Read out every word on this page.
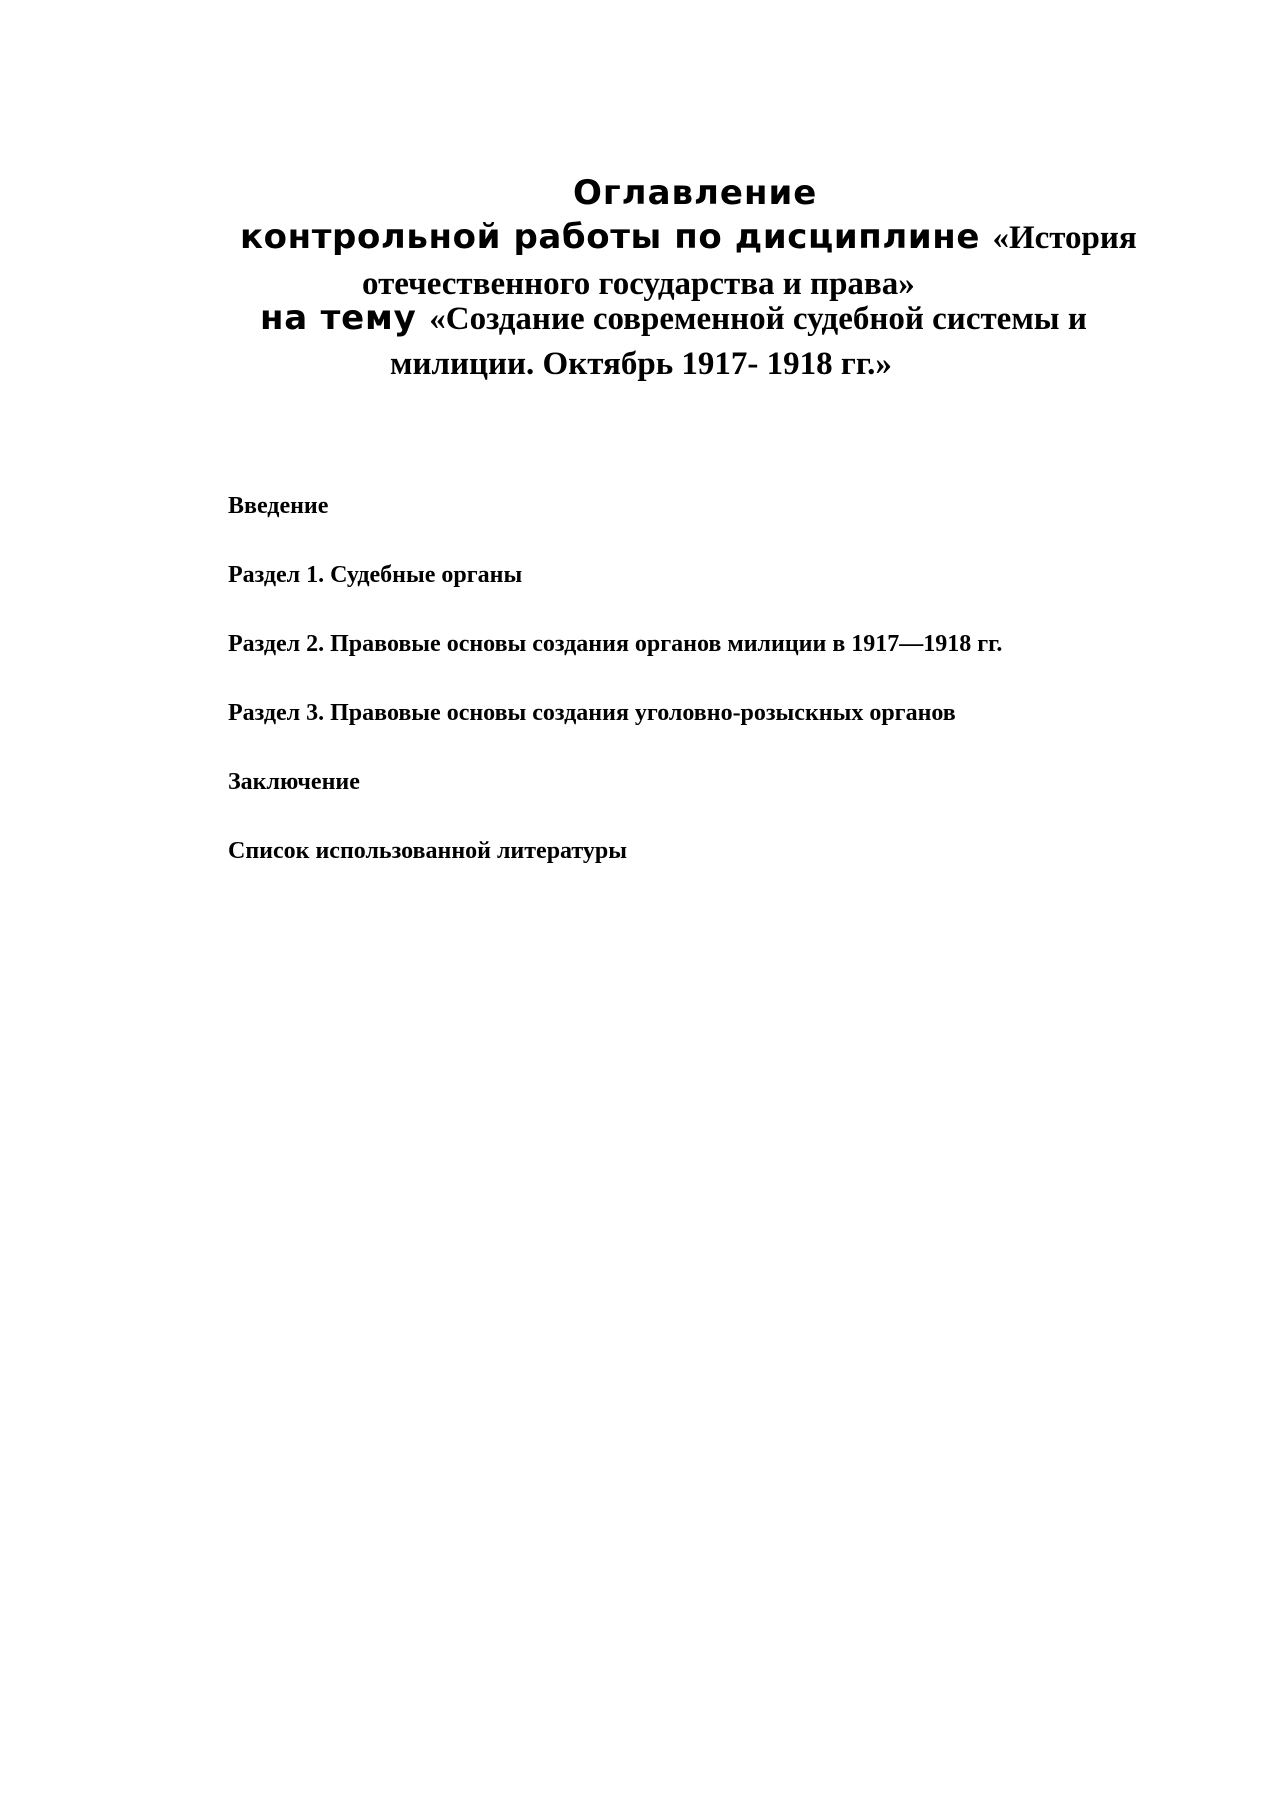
Оглавление
контрольной работы по дисциплине «История
отечественного государства и права»
на тему «Создание современной судебной системы и
милиции. Октябрь 1917- 1918 гг.»
Введение
Раздел 1. Судебные органы
Раздел 2. Правовые основы создания органов милиции в 1917—1918 гг.
Раздел 3. Правовые основы создания уголовно-розыскных органов
Заключение
Список использованной литературы
